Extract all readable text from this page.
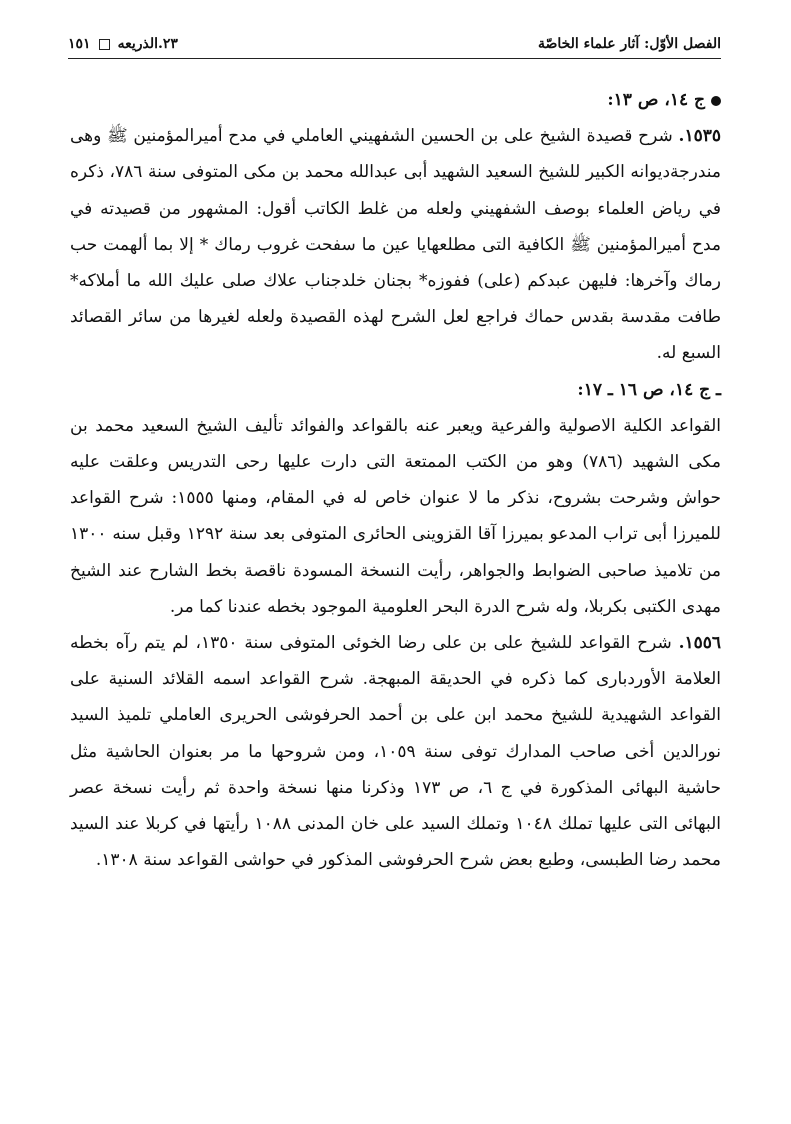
الفصل الأوّل: آثار علماء الخاصّة
٢٣.الذريعه
١٥١

ج ١٤، ص ١٣:

١٥٣٥. شرح قصيدة الشيخ على بن الحسين الشفهيني العاملي في مدح أميرالمؤمنين ﷺ وهى مندرجةديوانه الكبير للشيخ السعيد الشهيد أبى عبدالله محمد بن مكى المتوفى سنة ٧٨٦، ذكره في رياض العلماء بوصف الشفهيني ولعله من غلط الكاتب أقول: المشهور من قصيدته في مدح أميرالمؤمنين ﷺ الكافية التى مطلعهايا عين ما سفحت غروب رماك * إلا بما ألهمت حب رماك وآخرها: فليهن عبدكم (على) ففوزه* بجنان خلدجناب علاك صلى عليك الله ما أملاكه* طافت مقدسة بقدس حماك فراجع لعل الشرح لهذه القصيدة ولعله لغيرها من سائر القصائد السبع له.

ـ ج ١٤، ص ١٦ ـ ١٧:

القواعد الكلية الاصولية والفرعية ويعبر عنه بالقواعد والفوائد تأليف الشيخ السعيد محمد بن مكى الشهيد (٧٨٦) وهو من الكتب الممتعة التى دارت عليها رحى التدريس وعلقت عليه حواش وشرحت بشروح، نذكر ما لا عنوان خاص له في المقام، ومنها ١٥٥٥: شرح القواعد للميرزا أبى تراب المدعو بميرزا آقا القزوينى الحائرى المتوفى بعد سنة ١٢٩٢ وقبل سنه ١٣٠٠ من تلاميذ صاحبى الضوابط والجواهر، رأيت النسخة المسودة ناقصة بخط الشارح عند الشيخ مهدى الكتبى بكربلا، وله شرح الدرة البحر العلومية الموجود بخطه عندنا كما مر.

١٥٥٦. شرح القواعد للشيخ على بن على رضا الخوئى المتوفى سنة ١٣٥٠، لم يتم رآه بخطه العلامة الأوردبارى كما ذكره في الحديقة المبهجة. شرح القواعد اسمه القلائد السنية على القواعد الشهيدية للشيخ محمد ابن على بن أحمد الحرفوشى الحريرى العاملي تلميذ السيد نورالدين أخى صاحب المدارك توفى سنة ١٠٥٩، ومن شروحها ما مر بعنوان الحاشية مثل حاشية البهائى المذكورة في ج ٦، ص ١٧٣ وذكرنا منها نسخة واحدة ثم رأيت نسخة عصر البهائى التى عليها تملك ١٠٤٨ وتملك السيد على خان المدنى ١٠٨٨ رأيتها في كربلا عند السيد محمد رضا الطبسى، وطبع بعض شرح الحرفوشى المذكور في حواشى القواعد سنة ١٣٠٨.
